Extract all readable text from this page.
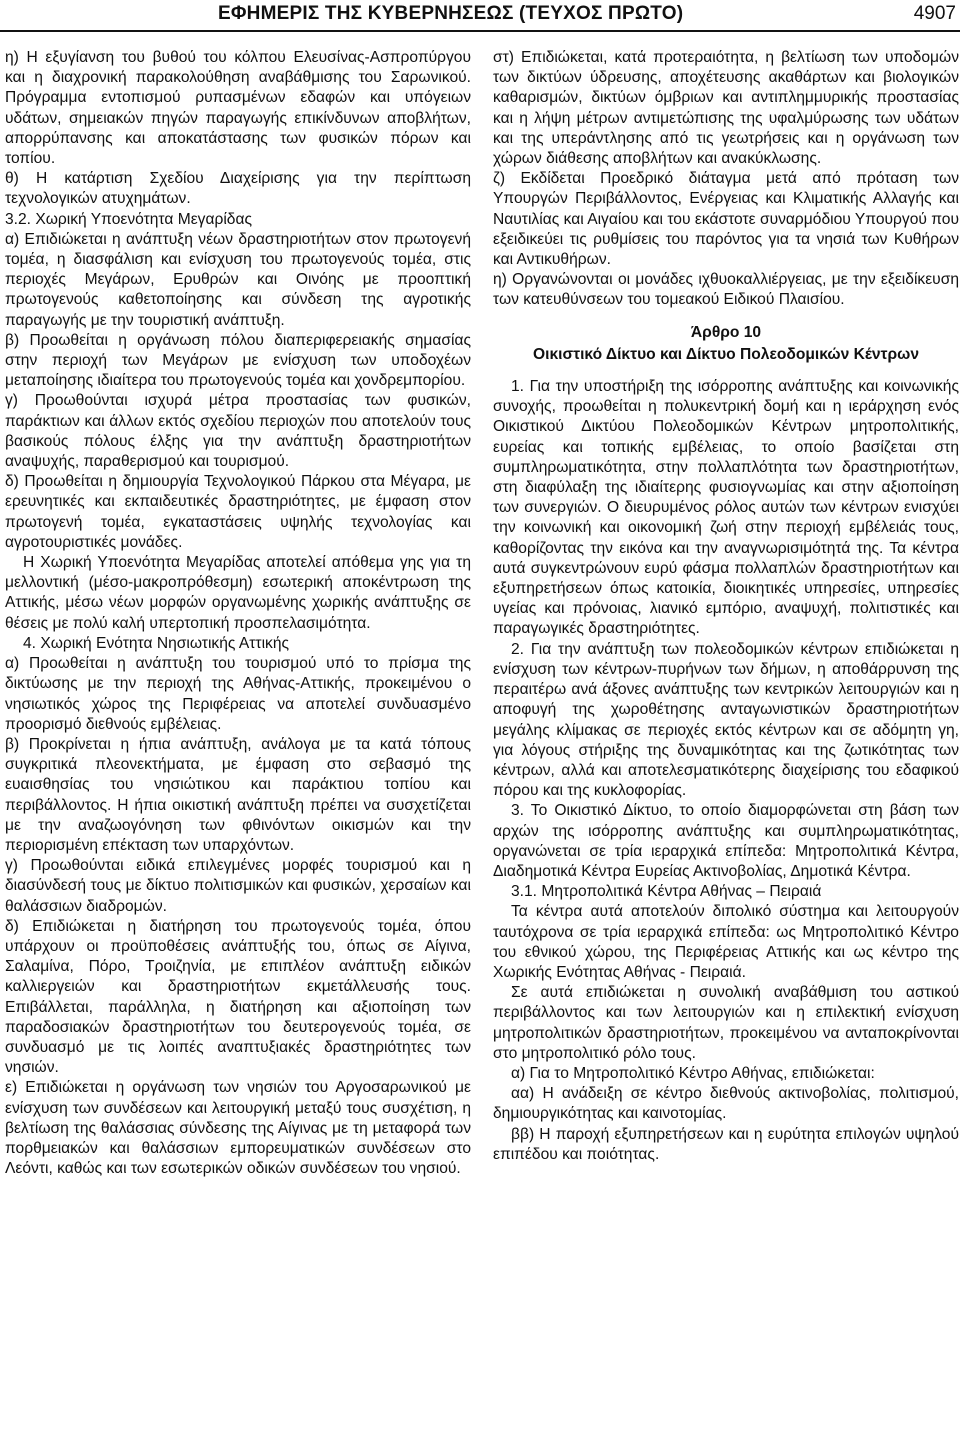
ΕΦΗΜΕΡΙΣ ΤΗΣ ΚΥΒΕΡΝΗΣΕΩΣ (ΤΕΥΧΟΣ ΠΡΩΤΟ)	4907

η) Η εξυγίανση του βυθού του κόλπου Ελευσίνας-Ασπροπύργου και η διαχρονική παρακολούθηση αναβάθμισης του Σαρωνικού. Πρόγραμμα εντοπισμού ρυπασμένων εδαφών και υπόγειων υδάτων, σημειακών πηγών παραγωγής επικίνδυνων αποβλήτων, απορρύπανσης και αποκατάστασης των φυσικών πόρων και τοπίου.

θ) Η κατάρτιση Σχεδίου Διαχείρισης για την περίπτωση τεχνολογικών ατυχημάτων.

3.2. Χωρική Υποενότητα Μεγαρίδας

α) Επιδιώκεται η ανάπτυξη νέων δραστηριοτήτων στον πρωτογενή τομέα, η διασφάλιση και ενίσχυση του πρωτογενούς τομέα, στις περιοχές Μεγάρων, Ερυθρών και Οινόης με προοπτική πρωτογενούς καθετοποίησης και σύνδεση της αγροτικής παραγωγής με την τουριστική ανάπτυξη.

β) Προωθείται η οργάνωση πόλου διαπεριφερειακής σημασίας στην περιοχή των Μεγάρων με ενίσχυση των υποδοχέων μεταποίησης ιδιαίτερα του πρωτογενούς τομέα και χονδρεμπορίου.

γ) Προωθούνται ισχυρά μέτρα προστασίας των φυσικών, παράκτιων και άλλων εκτός σχεδίου περιοχών που αποτελούν τους βασικούς πόλους έλξης για την ανάπτυξη δραστηριοτήτων αναψυχής, παραθερισμού και τουρισμού.

δ) Προωθείται η δημιουργία Τεχνολογικού Πάρκου στα Μέγαρα, με ερευνητικές και εκπαιδευτικές δραστηριότητες, με έμφαση στον πρωτογενή τομέα, εγκαταστάσεις υψηλής τεχνολογίας και αγροτουριστικές μονάδες.

Η Χωρική Υποενότητα Μεγαρίδας αποτελεί απόθεμα γης για τη μελλοντική (μέσο-μακροπρόθεσμη) εσωτερική αποκέντρωση της Αττικής, μέσω νέων μορφών οργανωμένης χωρικής ανάπτυξης σε θέσεις με πολύ καλή υπερτοπική προσπελασιμότητα.

4. Χωρική Ενότητα Νησιωτικής Αττικής

α) Προωθείται η ανάπτυξη του τουρισμού υπό το πρίσμα της δικτύωσης με την περιοχή της Αθήνας-Αττικής, προκειμένου ο νησιωτικός χώρος της Περιφέρειας να αποτελεί συνδυασμένο προορισμό διεθνούς εμβέλειας.

β) Προκρίνεται η ήπια ανάπτυξη, ανάλογα με τα κατά τόπους συγκριτικά πλεονεκτήματα, με έμφαση στο σεβασμό της ευαισθησίας του νησιώτικου και παράκτιου τοπίου και περιβάλλοντος. Η ήπια οικιστική ανάπτυξη πρέπει να συσχετίζεται με την αναζωογόνηση των φθινόντων οικισμών και την περιορισμένη επέκταση των υπαρχόντων.

γ) Προωθούνται ειδικά επιλεγμένες μορφές τουρισμού και η διασύνδεσή τους με δίκτυο πολιτισμικών και φυσικών, χερσαίων και θαλάσσιων διαδρομών.

δ) Επιδιώκεται η διατήρηση του πρωτογενούς τομέα, όπου υπάρχουν οι προϋποθέσεις ανάπτυξής του, όπως σε Αίγινα, Σαλαμίνα, Πόρο, Τροιζηνία, με επιπλέον ανάπτυξη ειδικών καλλιεργειών και δραστηριοτήτων εκμετάλλευσής τους. Επιβάλλεται, παράλληλα, η διατήρηση και αξιοποίηση των παραδοσιακών δραστηριοτήτων του δευτερογενούς τομέα, σε συνδυασμό με τις λοιπές αναπτυξιακές δραστηριότητες των νησιών.

ε) Επιδιώκεται η οργάνωση των νησιών του Αργοσαρωνικού με ενίσχυση των συνδέσεων και λειτουργική μεταξύ τους συσχέτιση, η βελτίωση της θαλάσσιας σύνδεσης της Αίγινας με τη μεταφορά των πορθμειακών και θαλάσσιων εμπορευματικών συνδέσεων στο Λεόντι, καθώς και των εσωτερικών οδικών συνδέσεων του νησιού.

στ) Επιδιώκεται, κατά προτεραιότητα, η βελτίωση των υποδομών των δικτύων ύδρευσης, αποχέτευσης ακαθάρτων και βιολογικών καθαρισμών, δικτύων όμβριων και αντιπλημμυρικής προστασίας και η λήψη μέτρων αντιμετώπισης της υφαλμύρωσης των υδάτων και της υπεράντλησης από τις γεωτρήσεις και η οργάνωση των χώρων διάθεσης αποβλήτων και ανακύκλωσης.

ζ) Εκδίδεται Προεδρικό διάταγμα μετά από πρόταση των Υπουργών Περιβάλλοντος, Ενέργειας και Κλιματικής Αλλαγής και Ναυτιλίας και Αιγαίου και του εκάστοτε συναρμόδιου Υπουργού που εξειδικεύει τις ρυθμίσεις του παρόντος για τα νησιά των Κυθήρων και Αντικυθήρων.

η) Οργανώνονται οι μονάδες ιχθυοκαλλιέργειας, με την εξειδίκευση των κατευθύνσεων του τομεακού Ειδικού Πλαισίου.

Άρθρο 10
Οικιστικό Δίκτυο και Δίκτυο Πολεοδομικών Κέντρων

1. Για την υποστήριξη της ισόρροπης ανάπτυξης και κοινωνικής συνοχής, προωθείται η πολυκεντρική δομή και η ιεράρχηση ενός Οικιστικού Δικτύου Πολεοδομικών Κέντρων μητροπολιτικής, ευρείας και τοπικής εμβέλειας, το οποίο βασίζεται στη συμπληρωματικότητα, στην πολλαπλότητα των δραστηριοτήτων, στη διαφύλαξη της ιδιαίτερης φυσιογνωμίας και στην αξιοποίηση των συνεργιών. Ο διευρυμένος ρόλος αυτών των κέντρων ενισχύει την κοινωνική και οικονομική ζωή στην περιοχή εμβέλειάς τους, καθορίζοντας την εικόνα και την αναγνωρισιμότητά της. Τα κέντρα αυτά συγκεντρώνουν ευρύ φάσμα πολλαπλών δραστηριοτήτων και εξυπηρετήσεων όπως κατοικία, διοικητικές υπηρεσίες, υπηρεσίες υγείας και πρόνοιας, λιανικό εμπόριο, αναψυχή, πολιτιστικές και παραγωγικές δραστηριότητες.

2. Για την ανάπτυξη των πολεοδομικών κέντρων επιδιώκεται η ενίσχυση των κέντρων-πυρήνων των δήμων, η αποθάρρυνση της περαιτέρω ανά άξονες ανάπτυξης των κεντρικών λειτουργιών και η αποφυγή της χωροθέτησης ανταγωνιστικών δραστηριοτήτων μεγάλης κλίμακας σε περιοχές εκτός κέντρων και σε αδόμητη γη, για λόγους στήριξης της δυναμικότητας και της ζωτικότητας των κέντρων, αλλά και αποτελεσματικότερης διαχείρισης του εδαφικού πόρου και της κυκλοφορίας.

3. Το Οικιστικό Δίκτυο, το οποίο διαμορφώνεται στη βάση των αρχών της ισόρροπης ανάπτυξης και συμπληρωματικότητας, οργανώνεται σε τρία ιεραρχικά επίπεδα: Μητροπολιτικά Κέντρα, Διαδημοτικά Κέντρα Ευρείας Ακτινοβολίας, Δημοτικά Κέντρα.

3.1. Μητροπολιτικά Κέντρα Αθήνας – Πειραιά

Τα κέντρα αυτά αποτελούν διπολικό σύστημα και λειτουργούν ταυτόχρονα σε τρία ιεραρχικά επίπεδα: ως Μητροπολιτικό Κέντρο του εθνικού χώρου, της Περιφέρειας Αττικής και ως κέντρο της Χωρικής Ενότητας Αθήνας - Πειραιά.

Σε αυτά επιδιώκεται η συνολική αναβάθμιση του αστικού περιβάλλοντος και των λειτουργιών και η επιλεκτική ενίσχυση μητροπολιτικών δραστηριοτήτων, προκειμένου να ανταποκρίνονται στο μητροπολιτικό ρόλο τους.

α) Για το Μητροπολιτικό Κέντρο Αθήνας, επιδιώκεται:

αα) Η ανάδειξη σε κέντρο διεθνούς ακτινοβολίας, πολιτισμού, δημιουργικότητας και καινοτομίας.

ββ) Η παροχή εξυπηρετήσεων και η ευρύτητα επιλογών υψηλού επιπέδου και ποιότητας.
